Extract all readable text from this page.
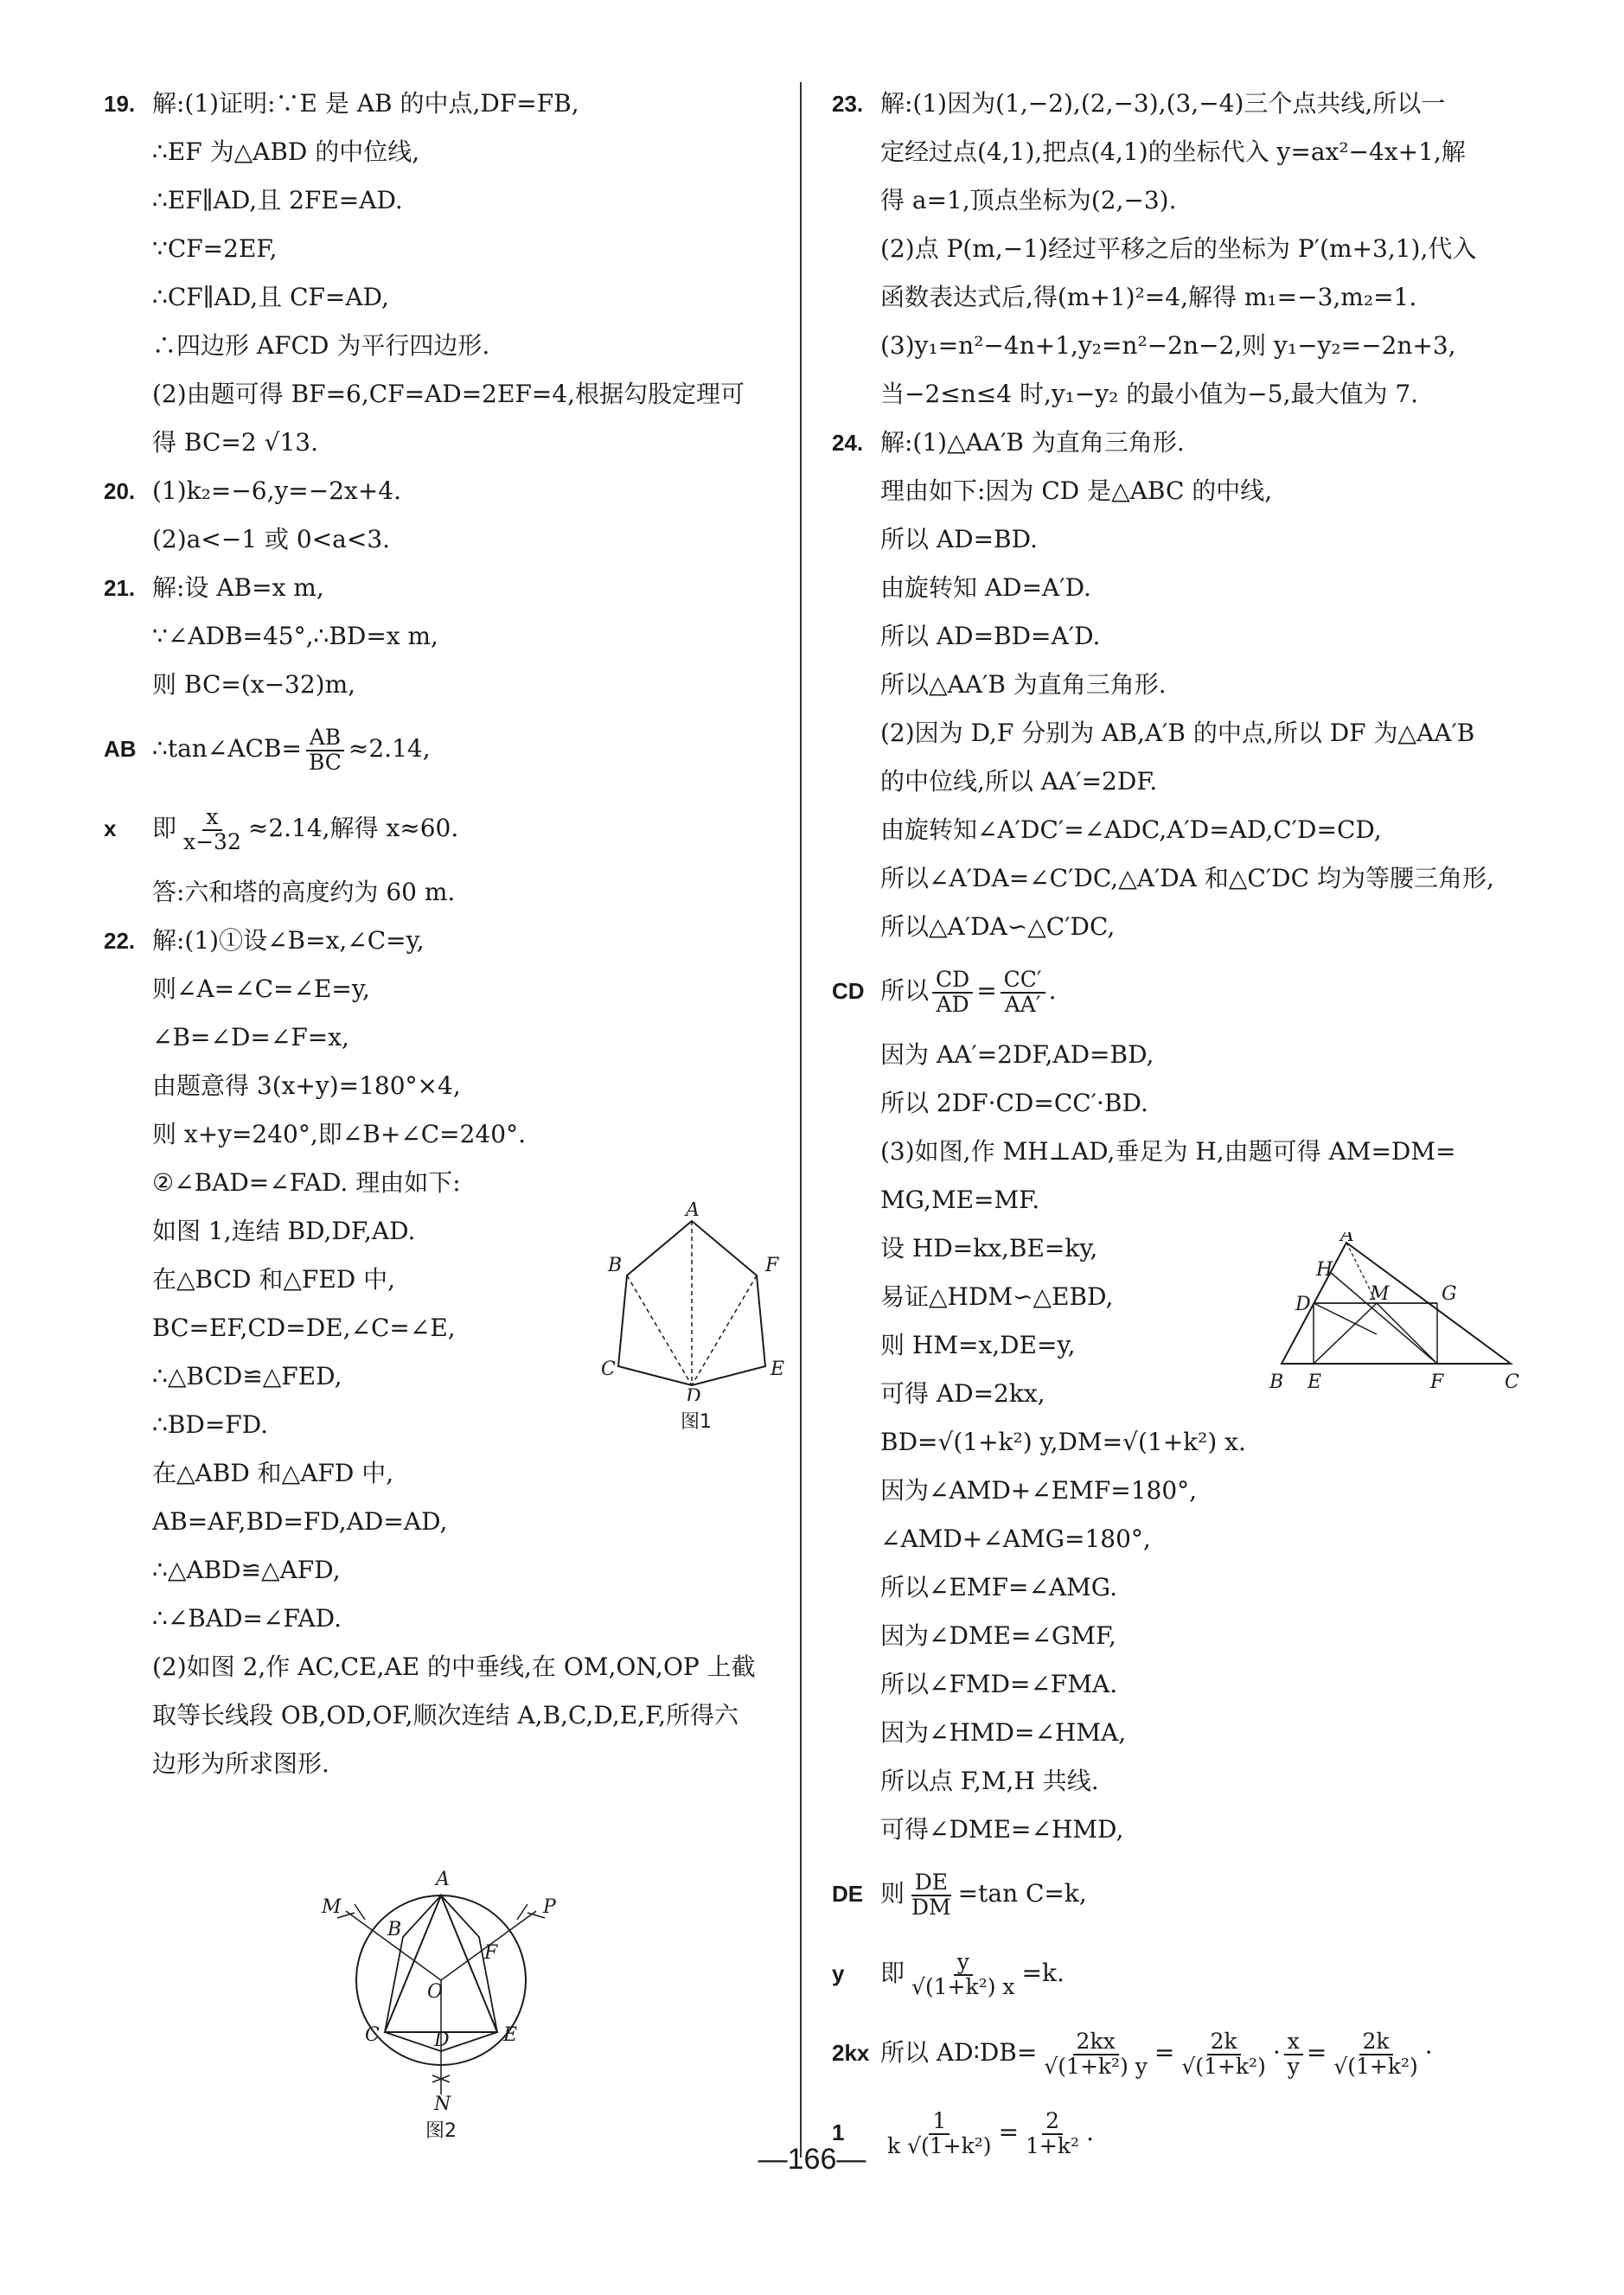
19. 解:(1)证明:∵E 是 AB 的中点,DF=FB,
∴EF 为△ABD 的中位线,
∴EF∥AD,且 2FE=AD.
∵CF=2EF,
∴CF∥AD,且 CF=AD,
∴四边形 AFCD 为平行四边形.
(2)由题可得 BF=6,CF=AD=2EF=4,根据勾股定理可
得 BC=2 √13.
20. (1)k₂=−6,y=−2x+4.
(2)a<−1 或 0<a<3.
21. 解:设 AB=x m,
∵∠ADB=45°,∴BD=x m,
则 BC=(x−32)m,
AB ∴tan∠ACB= $\frac{AB}{BC} \approx 2.14$,
x 即 $\frac{x}{x-32} \approx 2.14$,解得 x≈60.
答:六和塔的高度约为 60 m.
22. 解:(1)①设∠B=x,∠C=y,
则∠A=∠C=∠E=y,
∠B=∠D=∠F=x,
由题意得 3(x+y)=180°×4,
则 x+y=240°,即∠B+∠C=240°.
②∠BAD=∠FAD. 理由如下:
如图 1,连结 BD,DF,AD.
在△BCD 和△FED 中,
BC=EF,CD=DE,∠C=∠E,
∴△BCD≌△FED,
∴BD=FD.
在△ABD 和△AFD 中,
AB=AF,BD=FD,AD=AD,
∴△ABD≌△AFD,
∴∠BAD=∠FAD.
(2)如图 2,作 AC,CE,AE 的中垂线,在 OM,ON,OP 上截
取等长线段 OB,OD,OF,顺次连结 A,B,C,D,E,F,所得六
边形为所求图形.
23. 解:(1)因为(1,−2),(2,−3),(3,−4)三个点共线,所以一
定经过点(4,1),把点(4,1)的坐标代入 y=ax²−4x+1,解
得 a=1,顶点坐标为(2,−3).
(2)点 P(m,−1)经过平移之后的坐标为 P′(m+3,1),代入
函数表达式后,得(m+1)²=4,解得 m₁=−3,m₂=1.
(3)y₁=n²−4n+1,y₂=n²−2n−2,则 y₁−y₂=−2n+3,
当−2≤n≤4 时,y₁−y₂ 的最小值为−5,最大值为 7.
24. 解:(1)△AA′B 为直角三角形.
理由如下:因为 CD 是△ABC 的中线,
所以 AD=BD.
由旋转知 AD=A′D.
所以 AD=BD=A′D.
所以△AA′B 为直角三角形.
(2)因为 D,F 分别为 AB,A′B 的中点,所以 DF 为△AA′B
的中位线,所以 AA′=2DF.
由旋转知∠A′DC′=∠ADC,A′D=AD,C′D=CD,
所以∠A′DA=∠C′DC,△A′DA 和△C′DC 均为等腰三角形,
所以△A′DA∽△C′DC,
CD 所以 $\frac{CD}{AD} = \frac{CC'}{AA'}$ .
因为 AA′=2DF,AD=BD,
所以 2DF·CD=CC′·BD.
(3)如图,作 MH⊥AD,垂足为 H,由题可得 AM=DM=
MG,ME=MF.
设 HD=kx,BE=ky,
易证△HDM∽△EBD,
则 HM=x,DE=y,
可得 AD=2kx,
BD=√(1+k²) y,DM=√(1+k²) x.
因为∠AMD+∠EMF=180°,
∠AMD+∠AMG=180°,
所以∠EMF=∠AMG.
因为∠DME=∠GMF,
所以∠FMD=∠FMA.
因为∠HMD=∠HMA,
所以点 F,M,H 共线.
可得∠DME=∠HMD,
DE 则 $\frac{DE}{DM} =\tan$ C=k,
y 即 $\frac{y}{\text{√(1+k²) x}} =k$.
2kx 所以 AD∶DB= $\frac{2kx}{\text{√(1+k²) y}} = \frac{2k}{\text{√(1+k²)}} \cdot \frac{x}{y} = \frac{2k}{\text{√(1+k²)}}$ ·
$1 \frac{1}{\text{k √(1+k²)}} = \frac{2}{\text{1+k²}}$ .
A
B	F
C	E
D
图1
A
M
B
P
F
O
C	D	E
N
图2
A
H
D	M	G
B E	F	C
—166—
